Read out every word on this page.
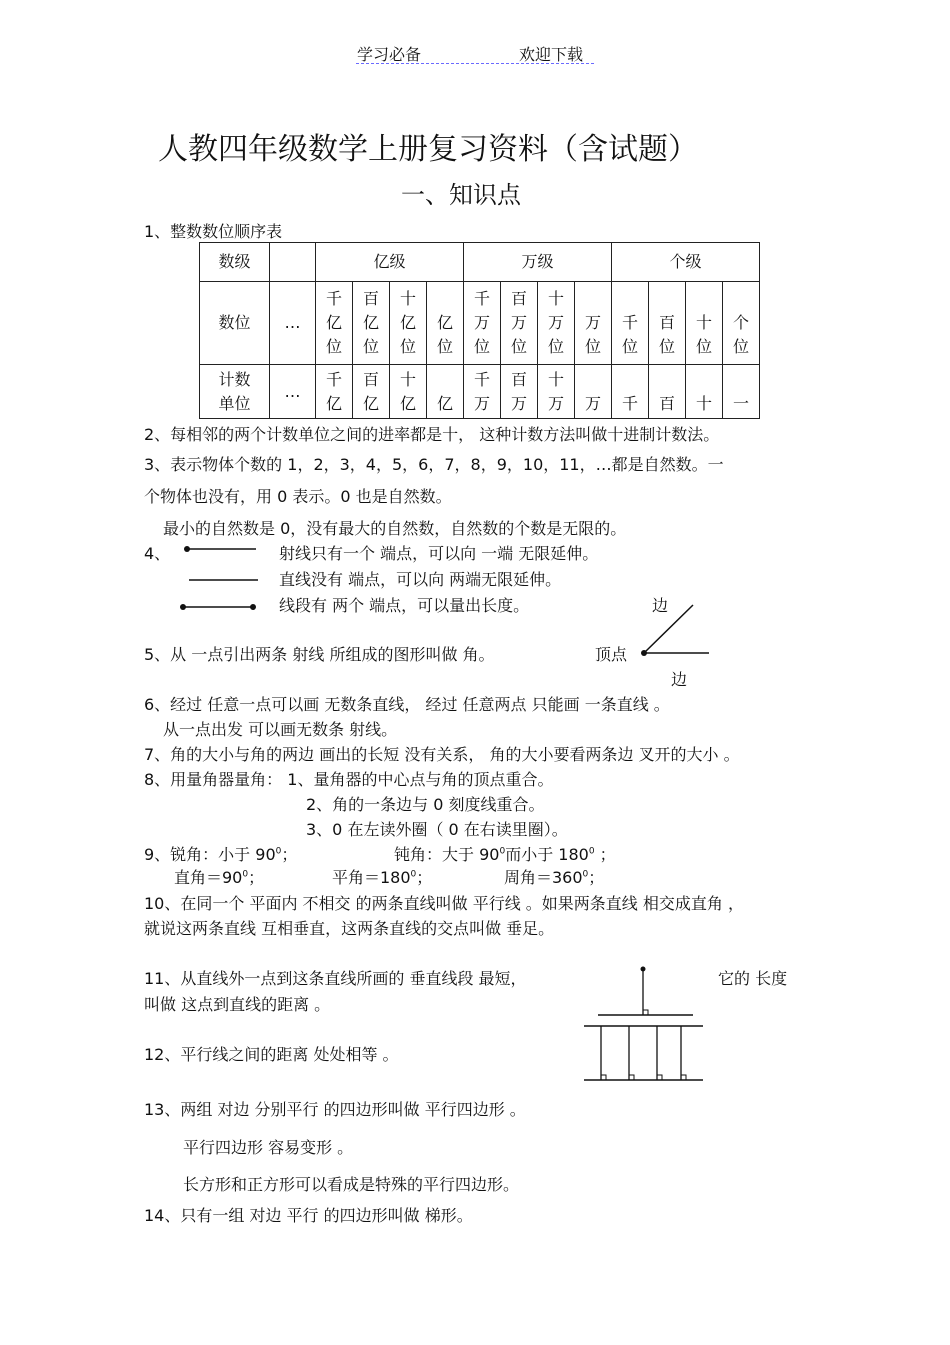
学习必备	欢迎下载
人教四年级数学上册复习资料（含试题）
一、知识点
1、整数数位顺序表
数级		亿级				万级				个级			
数位	…	千亿位	百亿位	十亿位	亿位	千万位	百万位	十万位	万位	千位	百位	十位	个位
计数
单位	…	千亿	百亿	十亿	亿	千万	百万	十万	万	千	百	十	一
2、每相邻的两个计数单位之间的进率都是十， 这种计数方法叫做十进制计数法。
3、表示物体个数的 1，2，3，4，5，6，7，8，9，10，11，…都是自然数。一
个物体也没有，用 0 表示。0 也是自然数。
最小的自然数是 0，没有最大的自然数，自然数的个数是无限的。
4、	射线只有一个 端点，可以向 一端 无限延伸。
直线没有 端点，可以向 两端无限延伸。
线段有 两个 端点，可以量出长度。	边
5、从 一点引出两条 射线 所组成的图形叫做 角。	顶点
边
6、经过 任意一点可以画 无数条直线， 经过 任意两点 只能画 一条直线 。
从一点出发 可以画无数条 射线。
7、角的大小与角的两边 画出的长短 没有关系， 角的大小要看两条边 叉开的大小 。
8、用量角器量角： 1、量角器的中心点与角的顶点重合。
2、角的一条边与 0 刻度线重合。
3、0 在左读外圈（ 0 在右读里圈）。
9、锐角：小于 $90^0$；	钝角：大于 $90^0$而小于 $180^0$ ；
直角$=90^0$；	平角$=180^0$；	周角$=360^0$；
10、在同一个 平面内 不相交 的两条直线叫做 平行线 。如果两条直线 相交成直角 ，
就说这两条直线 互相垂直，这两条直线的交点叫做 垂足。
11、从直线外一点到这条直线所画的 垂直线段 最短，	它的 长度
叫做 这点到直线的距离 。
12、平行线之间的距离 处处相等 。
13、两组 对边 分别平行 的四边形叫做 平行四边形 。
平行四边形 容易变形 。
长方形和正方形可以看成是特殊的平行四边形。
14、只有一组 对边 平行 的四边形叫做 梯形。
